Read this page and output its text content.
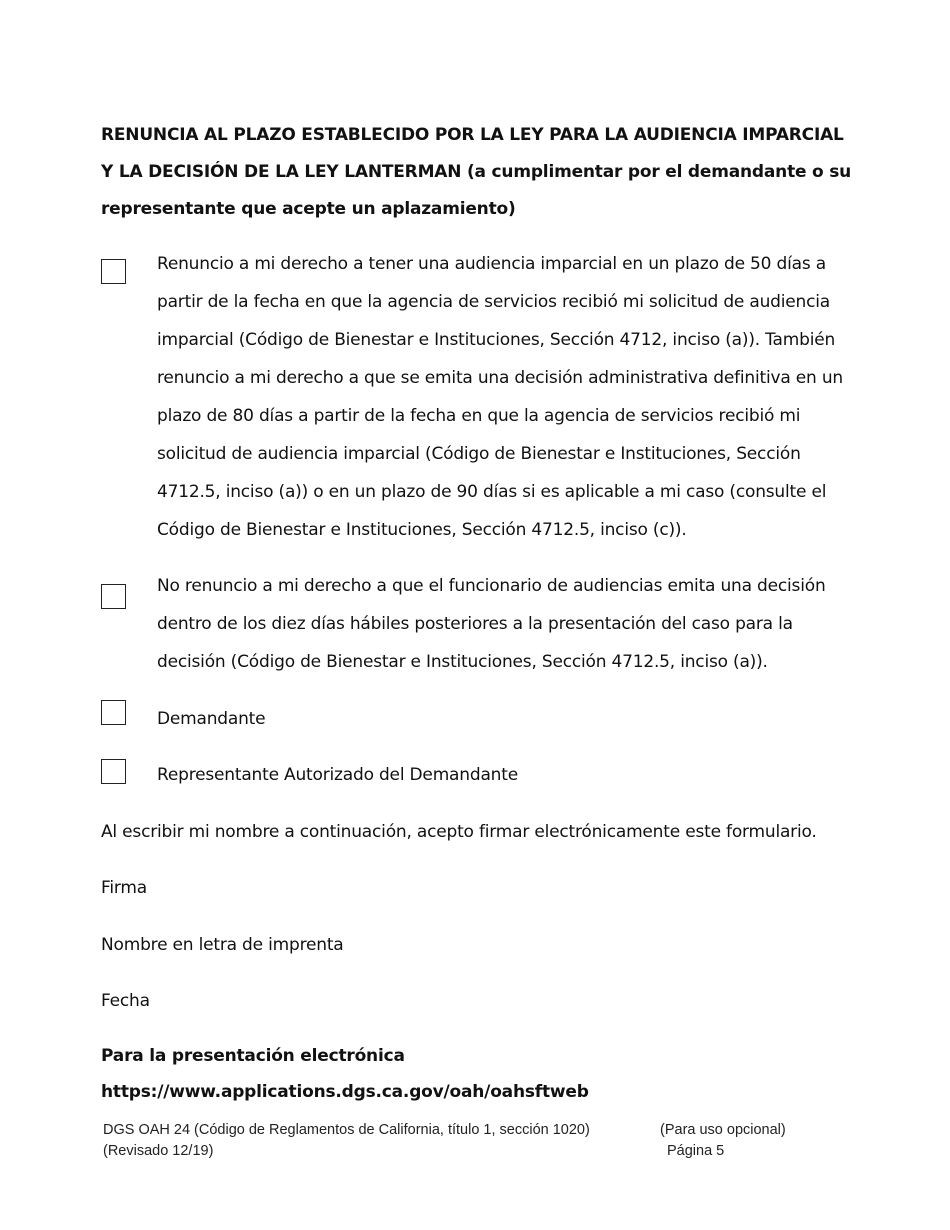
RENUNCIA AL PLAZO ESTABLECIDO POR LA LEY PARA LA AUDIENCIA IMPARCIAL Y LA DECISIÓN DE LA LEY LANTERMAN (a cumplimentar por el demandante o su representante que acepte un aplazamiento)
Renuncio a mi derecho a tener una audiencia imparcial en un plazo de 50 días a partir de la fecha en que la agencia de servicios recibió mi solicitud de audiencia imparcial (Código de Bienestar e Instituciones, Sección 4712, inciso (a)). También renuncio a mi derecho a que se emita una decisión administrativa definitiva en un plazo de 80 días a partir de la fecha en que la agencia de servicios recibió mi solicitud de audiencia imparcial (Código de Bienestar e Instituciones, Sección 4712.5, inciso (a)) o en un plazo de 90 días si es aplicable a mi caso (consulte el Código de Bienestar e Instituciones, Sección 4712.5, inciso (c)).
No renuncio a mi derecho a que el funcionario de audiencias emita una decisión dentro de los diez días hábiles posteriores a la presentación del caso para la decisión (Código de Bienestar e Instituciones, Sección 4712.5, inciso (a)).
Demandante
Representante Autorizado del Demandante
Al escribir mi nombre a continuación, acepto firmar electrónicamente este formulario.
Firma
Nombre en letra de imprenta
Fecha
Para la presentación electrónica
https://www.applications.dgs.ca.gov/oah/oahsftweb
DGS OAH 24 (Código de Reglamentos de California, título 1, sección 1020)
(Revisado 12/19)
(Para uso opcional)
Página 5
